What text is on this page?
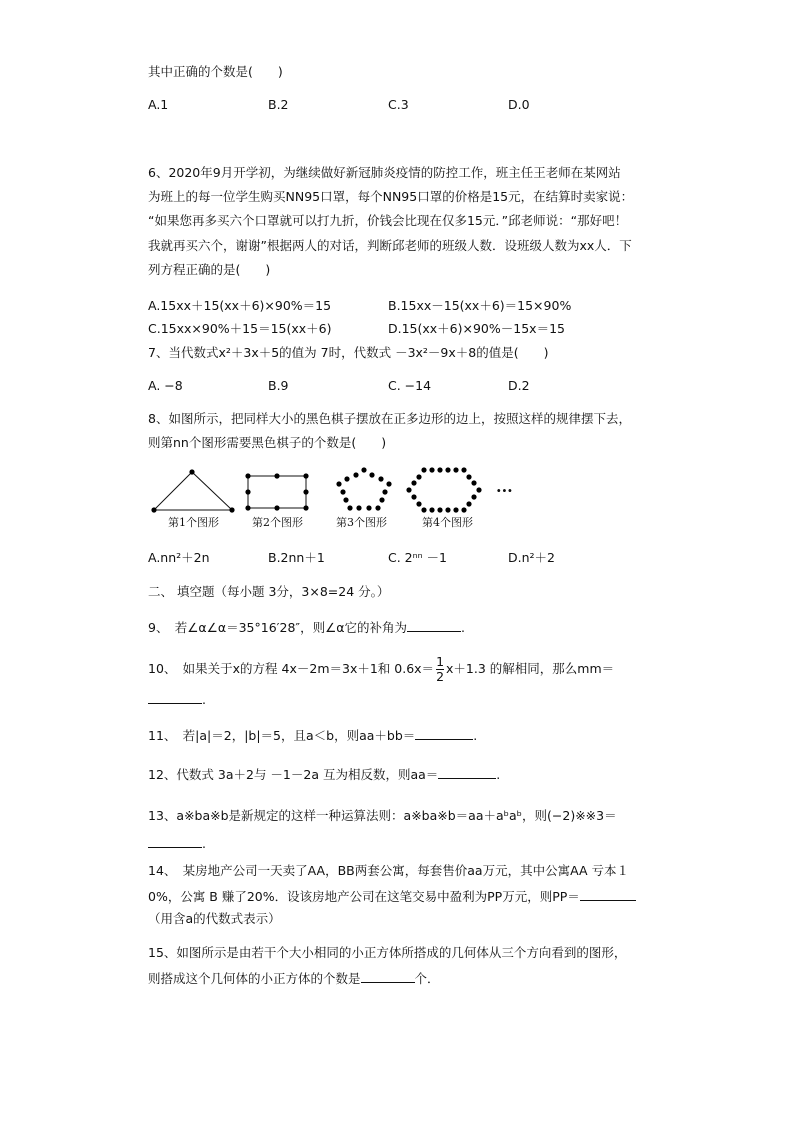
其中正确的个数是(　　)
A.1	B.2	C.3	D.0
6、2020年9月开学初，为继续做好新冠肺炎疫情的防控工作，班主任王老师在某网站
为班上的每一位学生购买NN95口罩，每个NN95口罩的价格是15元，在结算时卖家说：
“如果您再多买六个口罩就可以打九折，价钱会比现在仅多15元．”邱老师说：“那好吧！
我就再买六个，谢谢”根据两人的对话，判断邱老师的班级人数．设班级人数为xx人．下
列方程正确的是(　　)
A.15xx＋15(xx＋6)×90%＝15	B.15xx－15(xx＋6)＝15×90%
C.15xx×90%＋15＝15(xx＋6)	D.15(xx＋6)×90%－15x＝15
7、当代数式x²＋3x＋5的值为 7时，代数式 －3x²－9x＋8的值是(　　)
A. −8	B.9	C. −14	D.2
8、如图所示，把同样大小的黑色棋子摆放在正多边形的边上，按照这样的规律摆下去，
则第nn个图形需要黑色棋子的个数是(　　)
···
第1个图形	第2个图形	第3个图形	第4个图形
A.nn²＋2n	B.2nn＋1	C. 2ⁿⁿ －1	D.n²＋2
二、 填空题（每小题 3分，3×8=24 分。）
9、　若∠α∠α＝35°16′28″，则∠α它的补角为	.
10、　如果关于x的方程 4x－2m＝3x＋1和 $0.6x= \frac{1}{2} x+1.3$ 的解相同，那么mm＝
.
11、　若|a|＝2，|b|＝5，且a＜b，则aa＋bb＝	.
12、代数式 3a＋2与 －1－2a 互为相反数，则aa＝	.
13、a※ba※b是新规定的这样一种运算法则：a※ba※b＝aa＋aᵇaᵇ，则(−2)※※3＝
.
14、　某房地产公司一天卖了AA，BB两套公寓，每套售价aa万元，其中公寓AA 亏本１
0%，公寓 B 赚了20%．设该房地产公司在这笔交易中盈利为PP万元，则PP＝
（用含a的代数式表示）
15、如图所示是由若干个大小相同的小正方体所搭成的几何体从三个方向看到的图形，
则搭成这个几何体的小正方体的个数是	个．
